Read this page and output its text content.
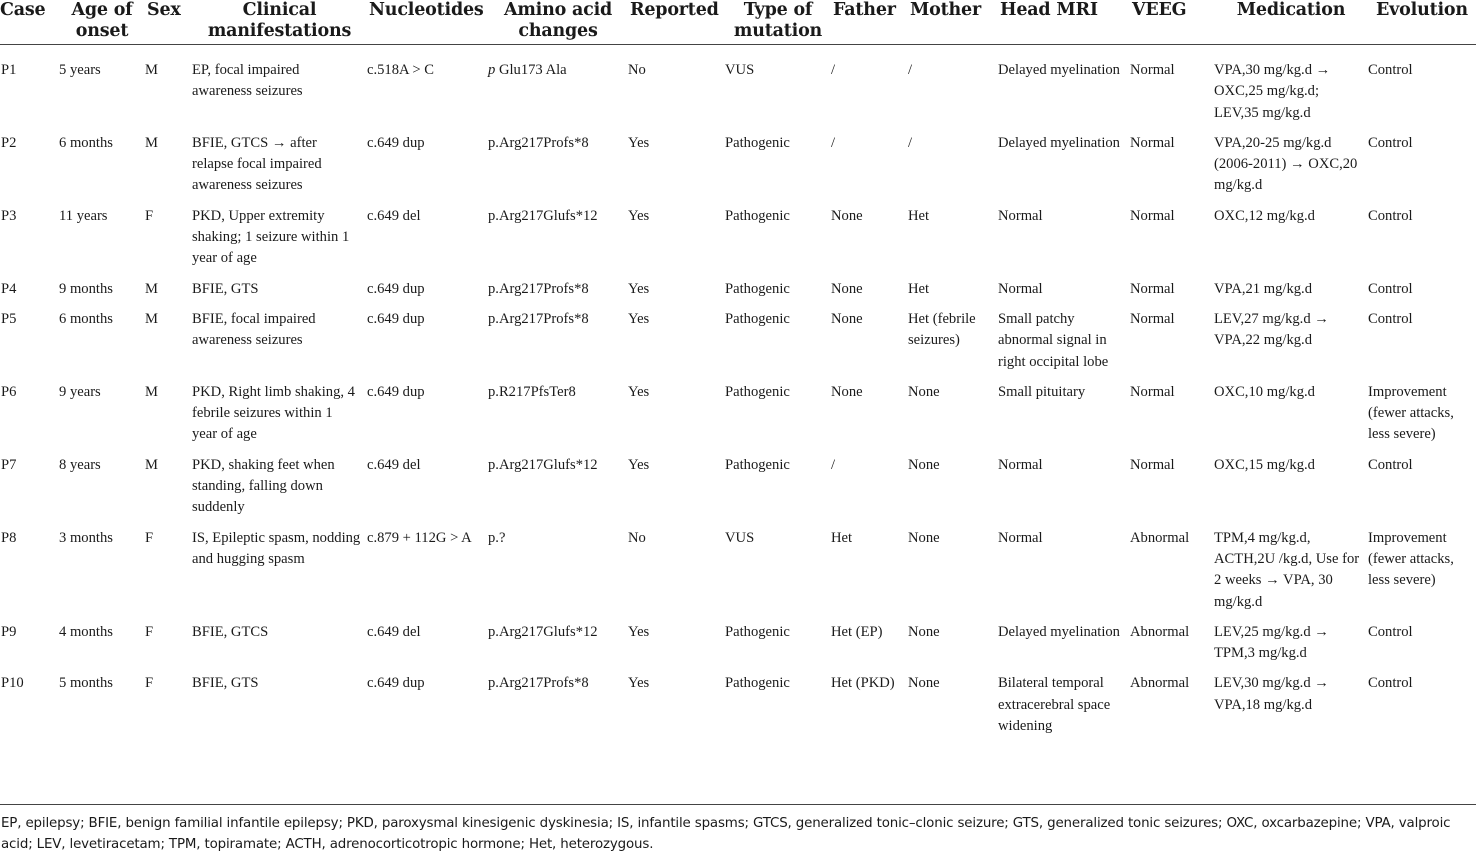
Case	Age of onset	Sex	Clinical manifestations	Nucleotides	Amino acid changes	Reported	Type of mutation	Father	Mother	Head MRI	VEEG	Medication	Evolution
P1	5 years	M	EP, focal impaired awareness seizures	c.518A > C	p Glu173 Ala	No	VUS	/	/	Delayed myelination	Normal	VPA,30 mg/kg.d → OXC,25 mg/kg.d; LEV,35 mg/kg.d	Control
P2	6 months	M	BFIE, GTCS → after relapse focal impaired awareness seizures	c.649 dup	p.Arg217Profs*8	Yes	Pathogenic	/	/	Delayed myelination	Normal	VPA,20-25 mg/kg.d (2006-2011) → OXC,20 mg/kg.d	Control
P3	11 years	F	PKD, Upper extremity shaking; 1 seizure within 1 year of age	c.649 del	p.Arg217Glufs*12	Yes	Pathogenic	None	Het	Normal	Normal	OXC,12 mg/kg.d	Control
P4	9 months	M	BFIE, GTS	c.649 dup	p.Arg217Profs*8	Yes	Pathogenic	None	Het	Normal	Normal	VPA,21 mg/kg.d	Control
P5	6 months	M	BFIE, focal impaired awareness seizures	c.649 dup	p.Arg217Profs*8	Yes	Pathogenic	None	Het (febrile seizures)	Small patchy abnormal signal in right occipital lobe	Normal	LEV,27 mg/kg.d → VPA,22 mg/kg.d	Control
P6	9 years	M	PKD, Right limb shaking, 4 febrile seizures within 1 year of age	c.649 dup	p.R217PfsTer8	Yes	Pathogenic	None	None	Small pituitary	Normal	OXC,10 mg/kg.d	Improvement (fewer attacks, less severe)
P7	8 years	M	PKD, shaking feet when standing, falling down suddenly	c.649 del	p.Arg217Glufs*12	Yes	Pathogenic	/	None	Normal	Normal	OXC,15 mg/kg.d	Control
P8	3 months	F	IS, Epileptic spasm, nodding and hugging spasm	c.879 + 112G > A	p.?	No	VUS	Het	None	Normal	Abnormal	TPM,4 mg/kg.d, ACTH,2U /kg.d, Use for 2 weeks → VPA, 30 mg/kg.d	Improvement (fewer attacks, less severe)
P9	4 months	F	BFIE, GTCS	c.649 del	p.Arg217Glufs*12	Yes	Pathogenic	Het (EP)	None	Delayed myelination	Abnormal	LEV,25 mg/kg.d → TPM,3 mg/kg.d	Control
P10	5 months	F	BFIE, GTS	c.649 dup	p.Arg217Profs*8	Yes	Pathogenic	Het (PKD)	None	Bilateral temporal extracerebral space widening	Abnormal	LEV,30 mg/kg.d → VPA,18 mg/kg.d	Control
EP, epilepsy; BFIE, benign familial infantile epilepsy; PKD, paroxysmal kinesigenic dyskinesia; IS, infantile spasms; GTCS, generalized tonic–clonic seizure; GTS, generalized tonic seizures; OXC, oxcarbazepine; VPA, valproic acid; LEV, levetiracetam; TPM, topiramate; ACTH, adrenocorticotropic hormone; Het, heterozygous.
